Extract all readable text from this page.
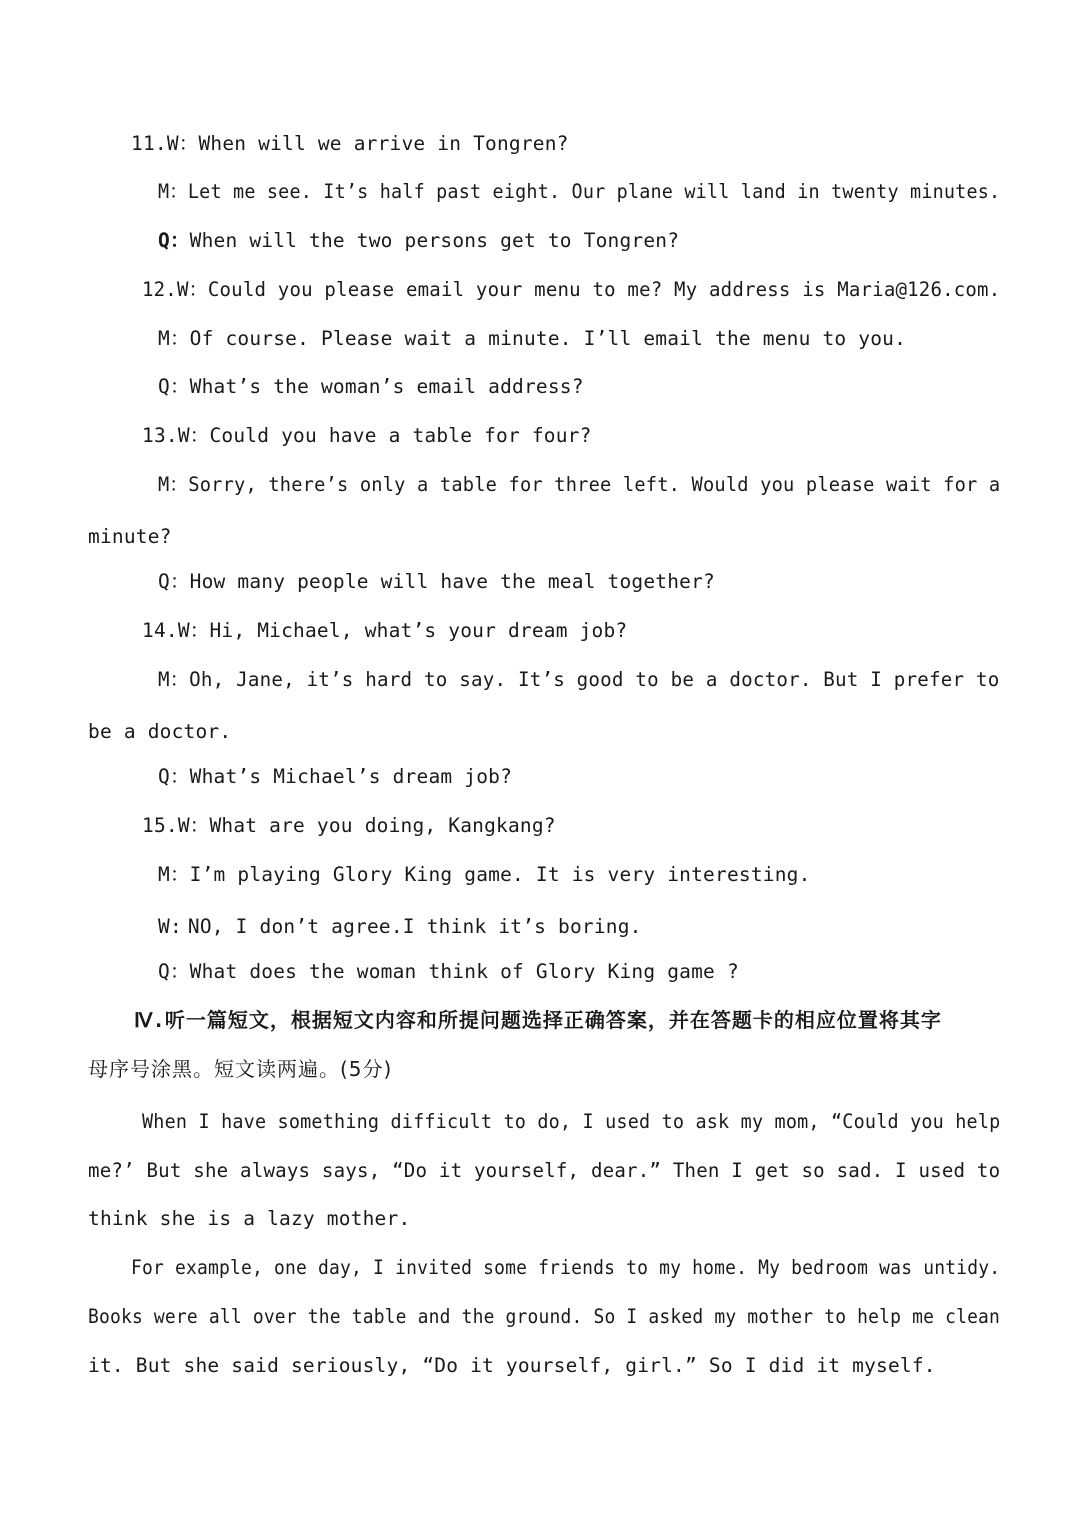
11.W：When will we arrive in Tongren?
M：Let me see. It’s half past eight. Our plane will land in twenty minutes.
Q：When will the two persons get to Tongren?
12.W：Could you please email your menu to me? My address is Maria@126.com.
M：Of course. Please wait a minute. I’ll email the menu to you.
Q：What’s the woman’s email address?
13.W：Could you have a table for four?
M：Sorry, there’s only a table for three left. Would you please wait for a
minute?
Q：How many people will have the meal together?
14.W：Hi, Michael, what’s your dream job?
M：Oh, Jane, it’s hard to say. It’s good to be a doctor. But I prefer to
be a doctor.
Q：What’s Michael’s dream job?
15.W：What are you doing, Kangkang?
M：I’m playing Glory King game. It is very interesting.
W: NO, I don’t agree.I think it’s boring.
Q：What does the woman think of Glory King game ?
Ⅳ.听一篇短文，根据短文内容和所提问题选择正确答案，并在答题卡的相应位置将其字
母序号涂黑。短文读两遍。(5分)
When I have something difficult to do, I used to ask my mom, “Could you help
me?’ But she always says, “Do it yourself, dear.” Then I get so sad. I used to
think she is a lazy mother.
For example, one day, I invited some friends to my home. My bedroom was untidy.
Books were all over the table and the ground. So I asked my mother to help me clean
it. But she said seriously, “Do it yourself, girl.” So I did it myself.
